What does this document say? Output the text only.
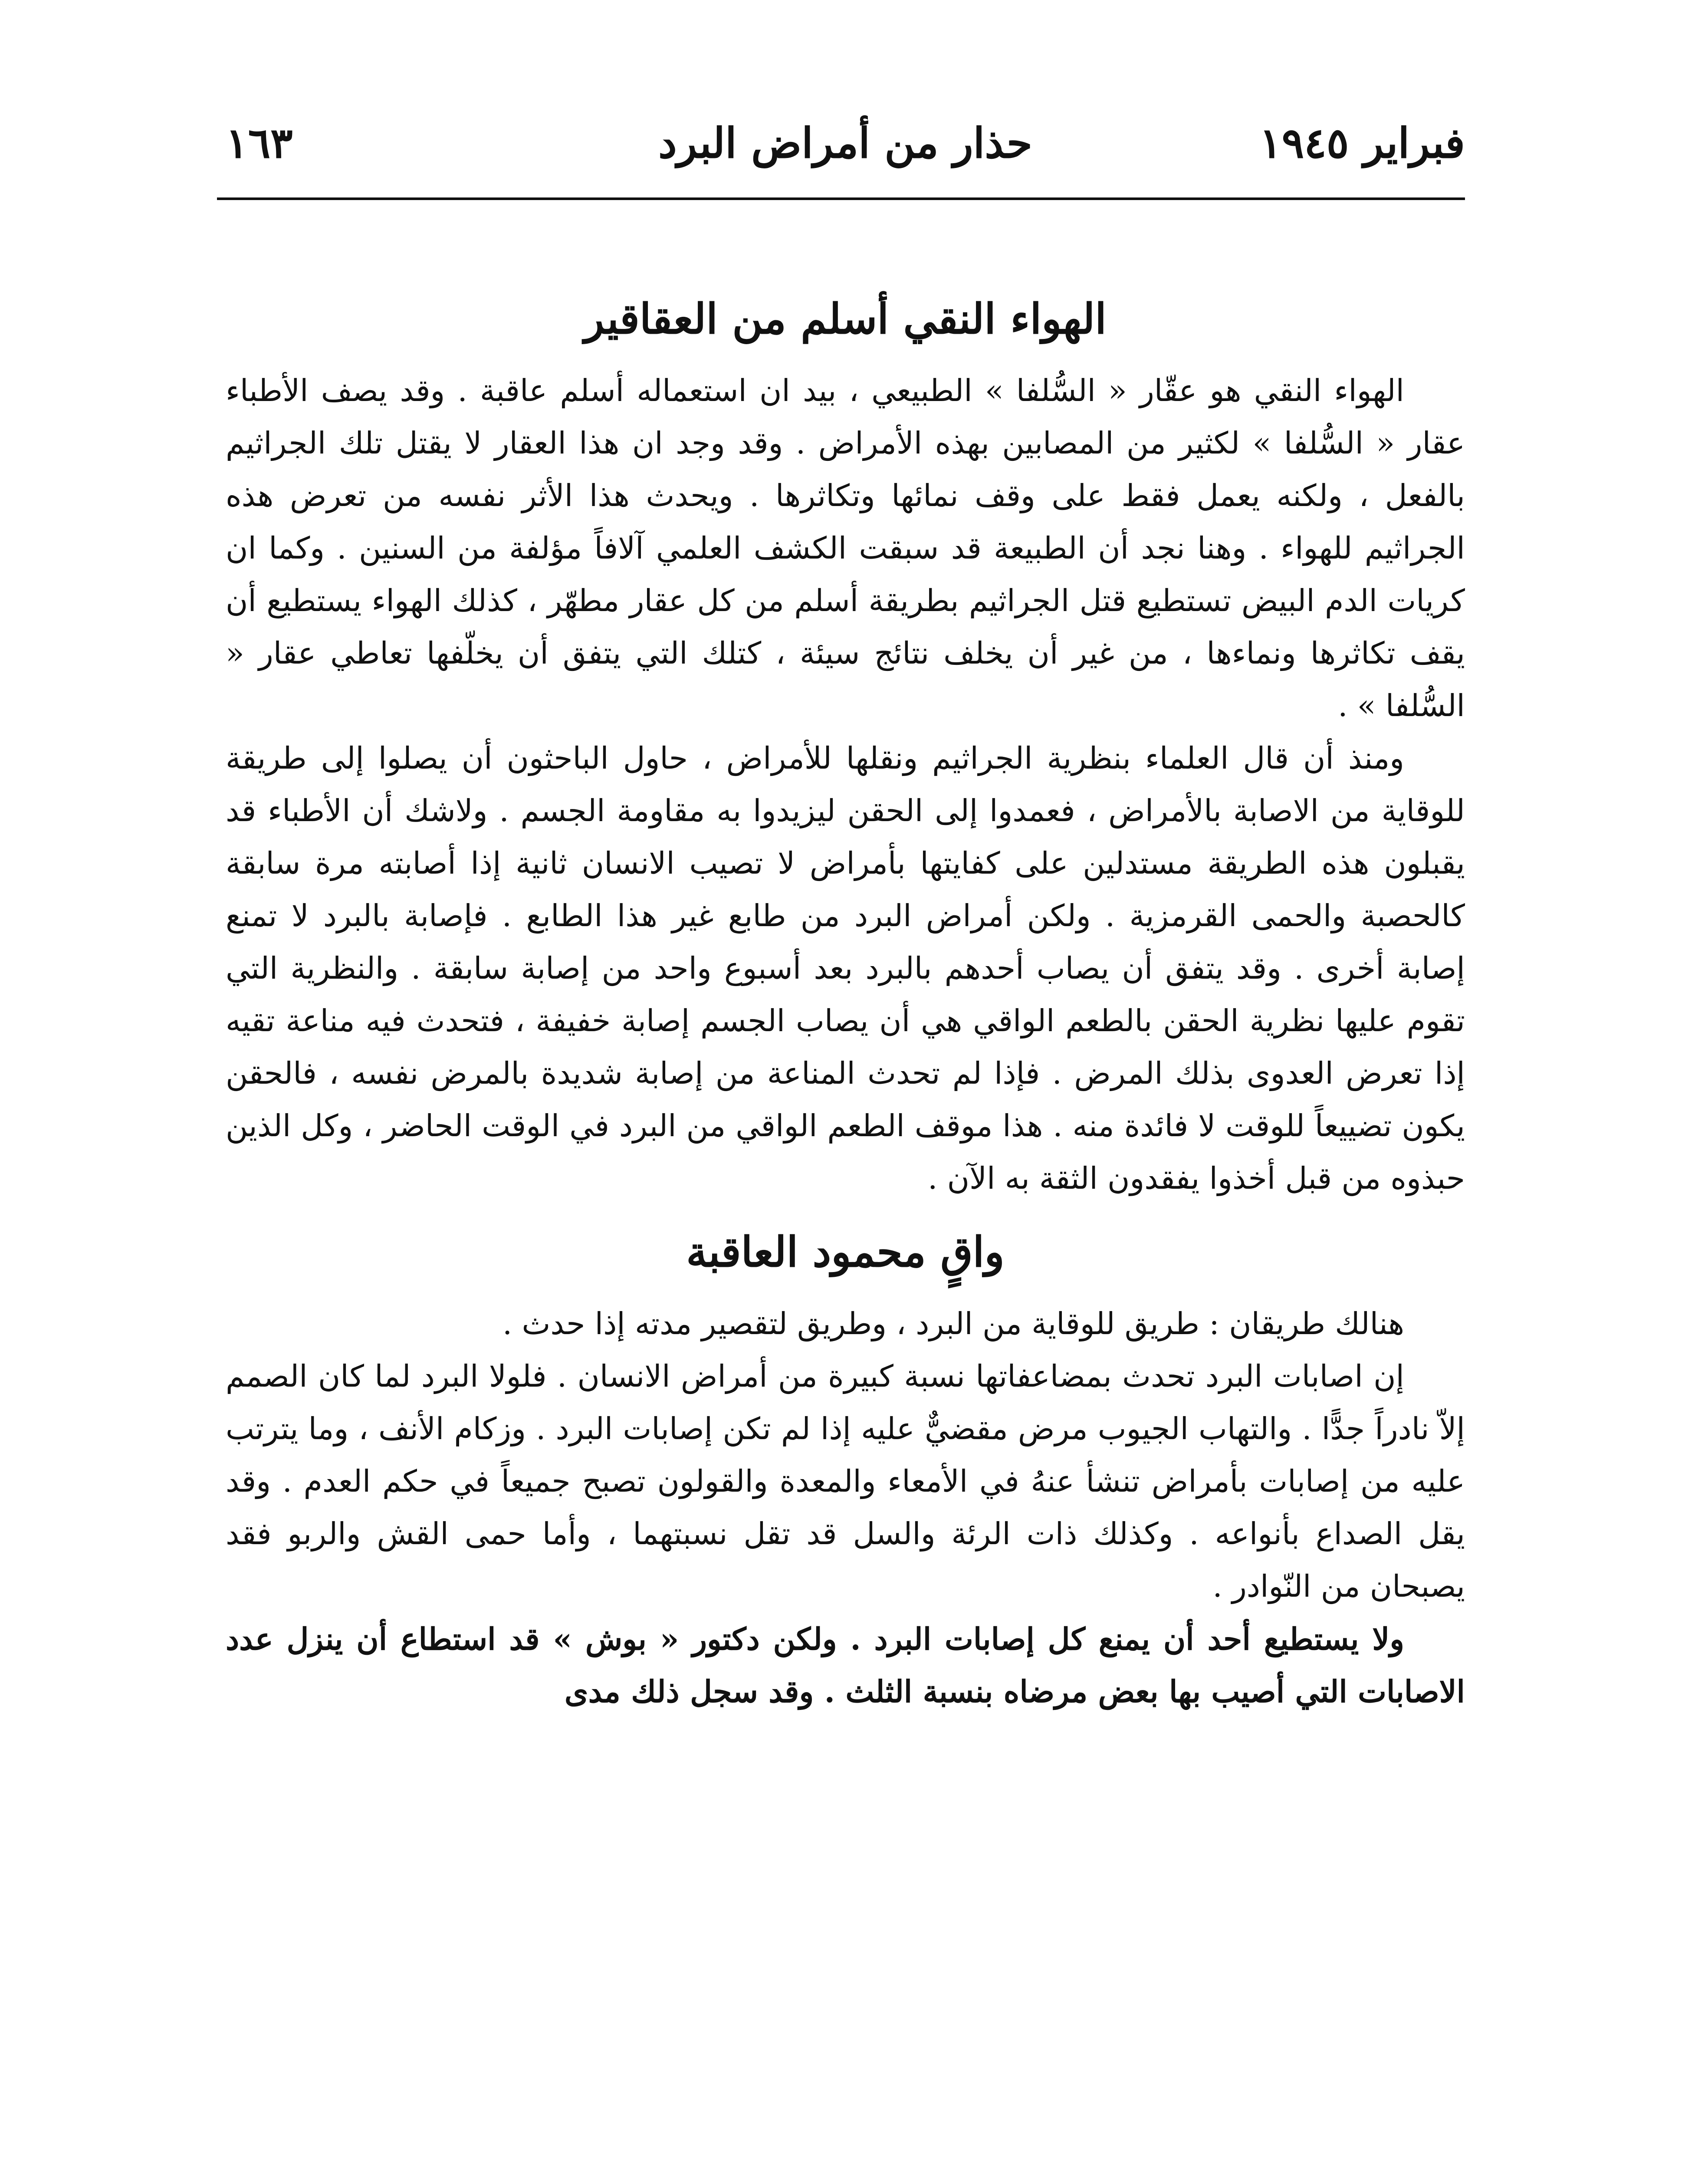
فبراير ١٩٤٥
حذار من أمراض البرد
١٦٣
الهواء النقي أسلم من العقاقير

الهواء النقي هو عقّار « السُّلفا » الطبيعي ، بيد ان استعماله أسلم عاقبة . وقد يصف الأطباء عقار « السُّلفا » لكثير من المصابين بهذه الأمراض . وقد وجد ان هذا العقار لا يقتل تلك الجراثيم بالفعل ، ولكنه يعمل فقط على وقف نمائها وتكاثرها . ويحدث هذا الأثر نفسه من تعرض هذه الجراثيم للهواء . وهنا نجد أن الطبيعة قد سبقت الكشف العلمي آلافاً مؤلفة من السنين . وكما ان كريات الدم البيض تستطيع قتل الجراثيم بطريقة أسلم من كل عقار مطهّر ، كذلك الهواء يستطيع أن يقف تكاثرها ونماءها ، من غير أن يخلف نتائج سيئة ، كتلك التي يتفق أن يخلّفها تعاطي عقار « السُّلفا » .

ومنذ أن قال العلماء بنظرية الجراثيم ونقلها للأمراض ، حاول الباحثون أن يصلوا إلى طريقة للوقاية من الاصابة بالأمراض ، فعمدوا إلى الحقن ليزيدوا به مقاومة الجسم . ولاشك أن الأطباء قد يقبلون هذه الطريقة مستدلين على كفايتها بأمراض لا تصيب الانسان ثانية إذا أصابته مرة سابقة كالحصبة والحمى القرمزية . ولكن أمراض البرد من طابع غير هذا الطابع . فإصابة بالبرد لا تمنع إصابة أخرى . وقد يتفق أن يصاب أحدهم بالبرد بعد أسبوع واحد من إصابة سابقة . والنظرية التي تقوم عليها نظرية الحقن بالطعم الواقي هي أن يصاب الجسم إصابة خفيفة ، فتحدث فيه مناعة تقيه إذا تعرض العدوى بذلك المرض . فإذا لم تحدث المناعة من إصابة شديدة بالمرض نفسه ، فالحقن يكون تضييعاً للوقت لا فائدة منه . هذا موقف الطعم الواقي من البرد في الوقت الحاضر ، وكل الذين حبذوه من قبل أخذوا يفقدون الثقة به الآن .

واقٍ محمود العاقبة

هنالك طريقان : طريق للوقاية من البرد ، وطريق لتقصير مدته إذا حدث .

إن اصابات البرد تحدث بمضاعفاتها نسبة كبيرة من أمراض الانسان . فلولا البرد لما كان الصمم إلاّ نادراً جدًّا . والتهاب الجيوب مرض مقضيٌّ عليه إذا لم تكن إصابات البرد . وزكام الأنف ، وما يترتب عليه من إصابات بأمراض تنشأ عنهُ في الأمعاء والمعدة والقولون تصبح جميعاً في حكم العدم . وقد يقل الصداع بأنواعه . وكذلك ذات الرئة والسل قد تقل نسبتهما ، وأما حمى القش والربو فقد يصبحان من النّوادر .

ولا يستطيع أحد أن يمنع كل إصابات البرد . ولكن دكتور « بوش » قد استطاع أن ينزل عدد الاصابات التي أصيب بها بعض مرضاه بنسبة الثلث . وقد سجل ذلك مدى
